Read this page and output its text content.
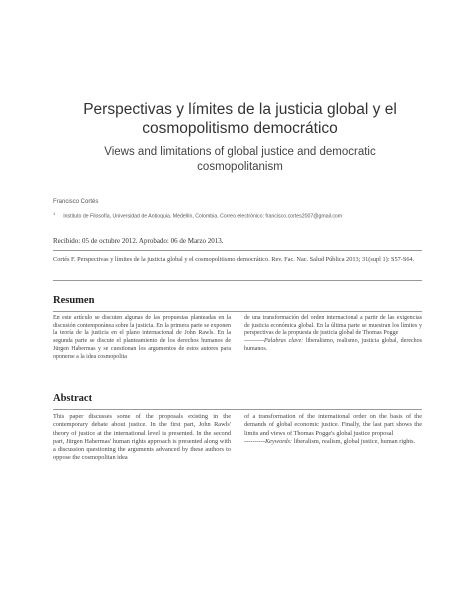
Perspectivas y límites de la justicia global y el cosmopolitismo democrático
Views and limitations of global justice and democratic cosmopolitanism
Francisco Cortés
$^1$Instituto de Filosofía, Universidad de Antioquia. Medellín, Colombia. Correo electrónico: francisco.cortes2007@gmail.com
Recibido: 05 de octubre 2012. Aprobado: 06 de Marzo 2013.
Cortés F. Perspectivas y límites de la justicia global y el cosmopolitismo democrático. Rev. Fac. Nac. Salud Pública 2013; 31(supl 1): S57-S64.
Resumen
En este artículo se discuten algunas de las propuestas planteadas en la discusión contemporánea sobre la justicia. En la primera parte se exponen la teoría de la justicia en el plano internacional de John Rawls. En la segunda parte se discute el planteamiento de los derechos humanos de Jürgen Habermas y se cuestionan los argumentos de estos autores para oponerse a la idea cosmopolita
de una transformación del orden internacional a partir de las exigencias de justicia económica global. En la última parte se muestran los límites y perspectivas de la propuesta de justicia global de Thomas Pogge
----------Palabras clave: liberalismo, realismo, justicia global, derechos humanos.
Abstract
This paper discusses some of the proposals existing in the contemporary debate about justice. In the first part, John Rawls' theory of justice at the international level is presented. In the second part, Jürgen Habermas' human rights approach is presented along with a discussion questioning the arguments advanced by these authors to oppose the cosmopolitan idea
of a transformation of the international order on the basis of the demands of global economic justice. Finally, the last part shows the limits and views of Thomas Pogge's global justice proposal
----------Keywords: liberalism, realism, global justice, human rights.
